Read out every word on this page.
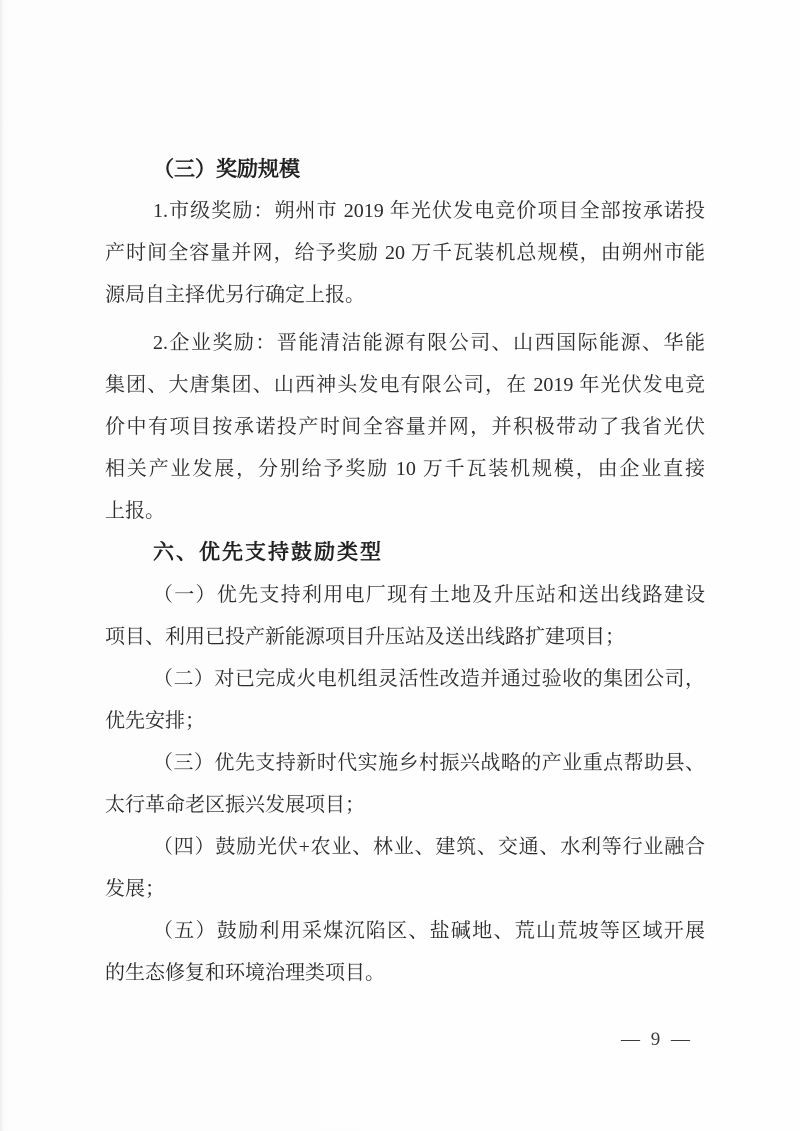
（三）奖励规模
1.市级奖励：朔州市 2019 年光伏发电竞价项目全部按承诺投
产时间全容量并网，给予奖励 20 万千瓦装机总规模，由朔州市能
源局自主择优另行确定上报。
2.企业奖励：晋能清洁能源有限公司、山西国际能源、华能
集团、大唐集团、山西神头发电有限公司，在 2019 年光伏发电竞
价中有项目按承诺投产时间全容量并网，并积极带动了我省光伏
相关产业发展，分别给予奖励 10 万千瓦装机规模，由企业直接
上报。
六、优先支持鼓励类型
（一）优先支持利用电厂现有土地及升压站和送出线路建设
项目、利用已投产新能源项目升压站及送出线路扩建项目；
（二）对已完成火电机组灵活性改造并通过验收的集团公司，
优先安排；
（三）优先支持新时代实施乡村振兴战略的产业重点帮助县、
太行革命老区振兴发展项目；
（四）鼓励光伏+农业、林业、建筑、交通、水利等行业融合
发展；
（五）鼓励利用采煤沉陷区、盐碱地、荒山荒坡等区域开展
的生态修复和环境治理类项目。
— 9 —
